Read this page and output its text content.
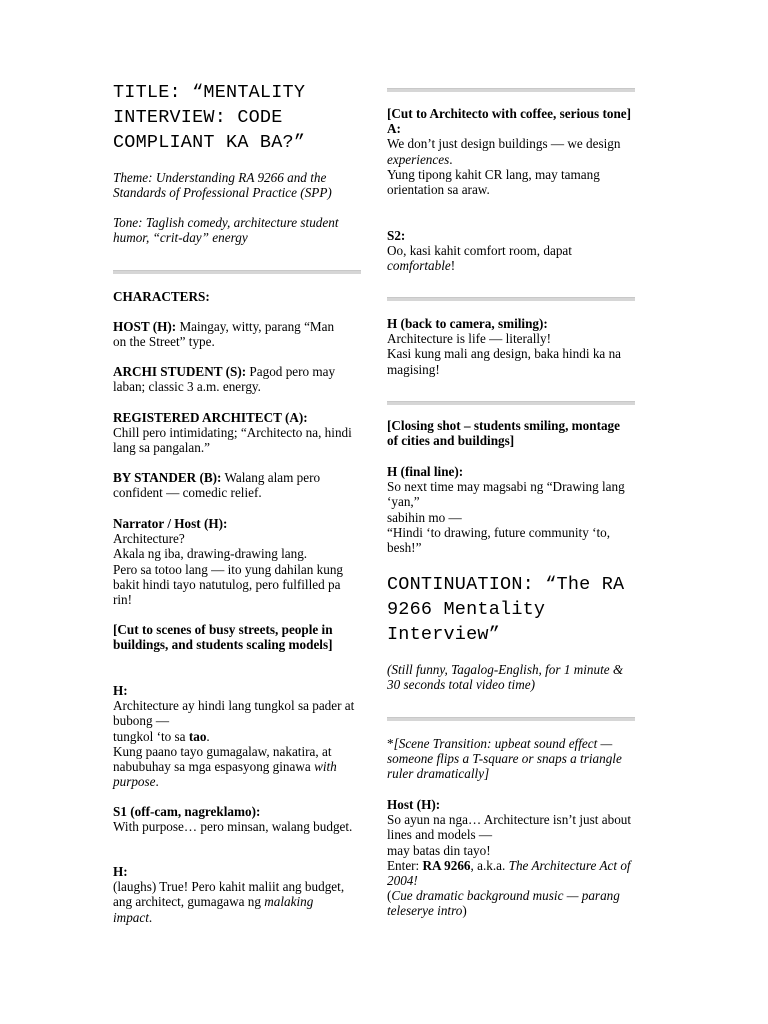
TITLE: “MENTALITY INTERVIEW: CODE COMPLIANT KA BA?”
Theme: Understanding RA 9266 and the Standards of Professional Practice (SPP)
Tone: Taglish comedy, architecture student humor, “crit-day” energy
CHARACTERS:
HOST (H): Maingay, witty, parang “Man on the Street” type.
ARCHI STUDENT (S): Pagod pero may laban; classic 3 a.m. energy.
REGISTERED ARCHITECT (A):
Chill pero intimidating; “Architecto na, hindi lang sa pangalan.”
BY STANDER (B): Walang alam pero confident — comedic relief.
Narrator / Host (H):
Architecture?
Akala ng iba, drawing-drawing lang.
Pero sa totoo lang — ito yung dahilan kung bakit hindi tayo natutulog, pero fulfilled pa rin!
[Cut to scenes of busy streets, people in buildings, and students scaling models]
H:
Architecture ay hindi lang tungkol sa pader at bubong —
tungkol ‘to sa tao.
Kung paano tayo gumagalaw, nakatira, at nabubuhay sa mga espasyong ginawa with purpose.
S1 (off-cam, nagreklamo):
With purpose… pero minsan, walang budget.
H:
(laughs) True! Pero kahit maliit ang budget,
ang architect, gumagawa ng malaking impact.
[Cut to Architecto with coffee, serious tone]
A:
We don’t just design buildings — we design experiences.
Yung tipong kahit CR lang, may tamang orientation sa araw.
S2:
Oo, kasi kahit comfort room, dapat comfortable!
H (back to camera, smiling):
Architecture is life — literally!
Kasi kung mali ang design, baka hindi ka na magising!
[Closing shot – students smiling, montage of cities and buildings]
H (final line):
So next time may magsabi ng “Drawing lang ‘yan,”
sabihin mo —
“Hindi ‘to drawing, future community ‘to, besh!”
CONTINUATION: “The RA 9266 Mentality Interview”
(Still funny, Tagalog-English, for 1 minute & 30 seconds total video time)
*[Scene Transition: upbeat sound effect — someone flips a T-square or snaps a triangle ruler dramatically]
Host (H):
So ayun na nga… Architecture isn’t just about lines and models —
may batas din tayo!
Enter: RA 9266, a.k.a. The Architecture Act of 2004!
(Cue dramatic background music — parang teleserye intro)
